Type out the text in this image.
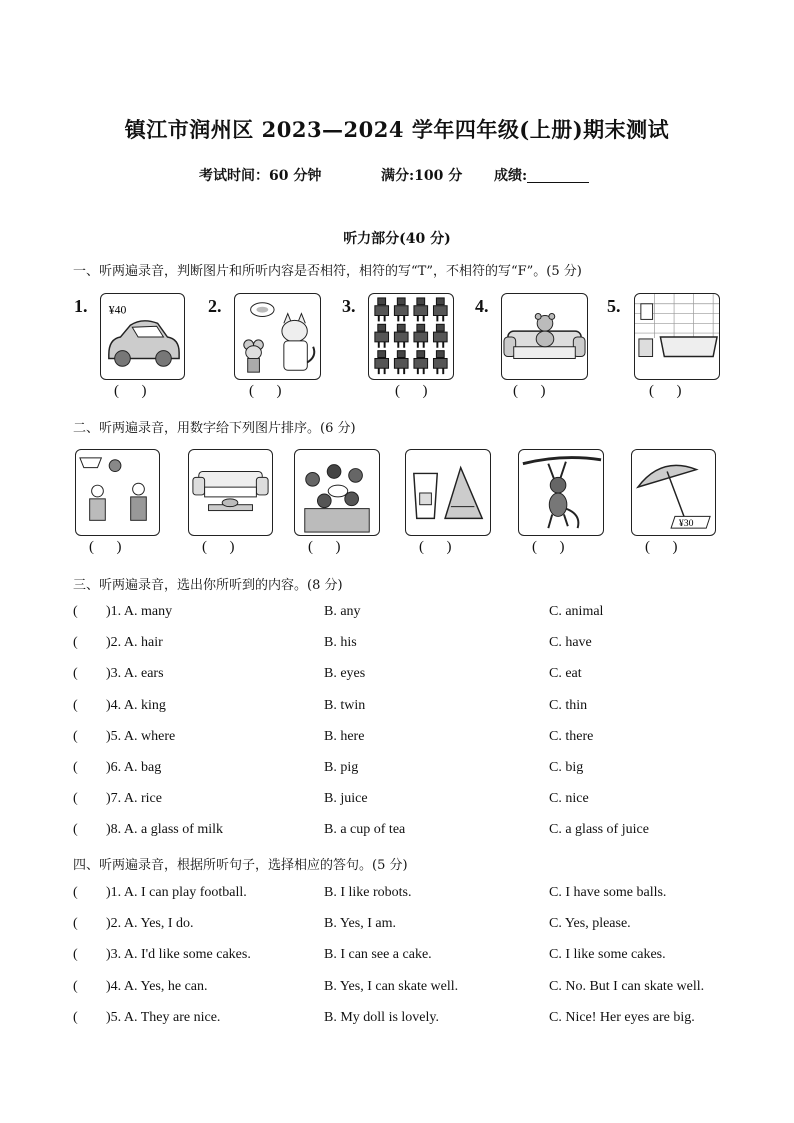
镇江市润州区 2023—2024 学年四年级(上册)期末测试
考试时间：60 分钟	满分:100 分 成绩:
听力部分(40 分)
一、听两遍录音，判断图片和所听内容是否相符，相符的写“T”，不相符的写“F”。(5 分)
1. ¥40
(      )
2.
(      )
3.
(      )
4.
(      )
5.
(      )
二、听两遍录音，用数字给下列图片排序。(6 分)
(      )	(      )	(      )	(      )	(      )
¥30
(      )
三、听两遍录音，选出你所听到的内容。(8 分)
( )1. A. many	B. any	C. animal
( )2. A. hair	B. his	C. have
( )3. A. ears	B. eyes	C. eat
( )4. A. king	B. twin	C. thin
( )5. A. where	B. here	C. there
( )6. A. bag	B. pig	C. big
( )7. A. rice	B. juice	C. nice
( )8. A. a glass of milk	B. a cup of tea	C. a glass of juice
四、听两遍录音，根据所听句子，选择相应的答句。(5 分)
( )1. A. I can play football.	B. I like robots.	C. I have some balls.
( )2. A. Yes, I do.	B. Yes, I am.	C. Yes, please.
( )3. A. I'd like some cakes.	B. I can see a cake.	C. I like some cakes.
( )4. A. Yes, he can.	B. Yes, I can skate well.	C. No. But I can skate well.
( )5. A. They are nice.	B. My doll is lovely.	C. Nice! Her eyes are big.
